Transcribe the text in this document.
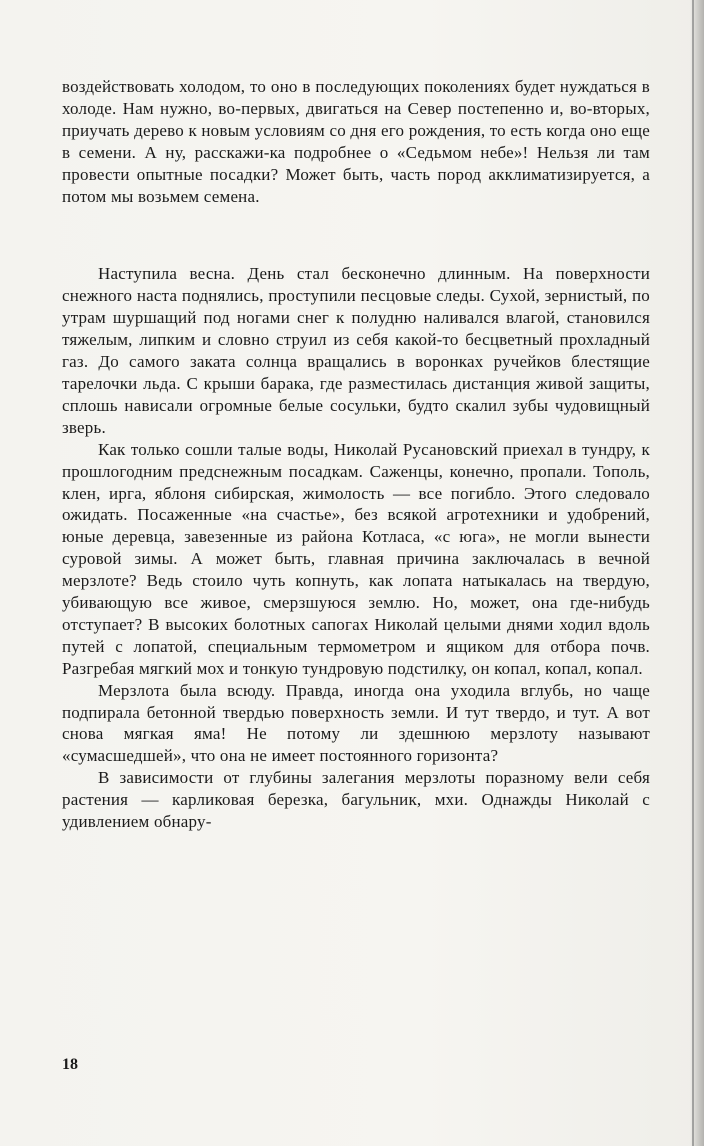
воздействовать холодом, то оно в последующих поколениях будет нуждаться в холоде. Нам нужно, во-первых, двигаться на Север постепенно и, во-вторых, приучать дерево к новым условиям со дня его рождения, то есть когда оно еще в семени. А ну, расскажи-ка подробнее о «Седьмом небе»! Нельзя ли там провести опытные посадки? Может быть, часть пород акклиматизируется, а потом мы возьмем семена.

Наступила весна. День стал бесконечно длинным. На поверхности снежного наста поднялись, проступили песцовые следы. Сухой, зернистый, по утрам шуршащий под ногами снег к полудню наливался влагой, становился тяжелым, липким и словно струил из себя какой-то бесцветный прохладный газ. До самого заката солнца вращались в воронках ручейков блестящие тарелочки льда. С крыши барака, где разместилась дистанция живой защиты, сплошь нависали огромные белые сосульки, будто скалил зубы чудовищный зверь.

Как только сошли талые воды, Николай Русановский приехал в тундру, к прошлогодним предснежным посадкам. Саженцы, конечно, пропали. Тополь, клен, ирга, яблоня сибирская, жимолость — все погибло. Этого следовало ожидать. Посаженные «на счастье», без всякой агротехники и удобрений, юные деревца, завезенные из района Котласа, «с юга», не могли вынести суровой зимы. А может быть, главная причина заключалась в вечной мерзлоте? Ведь стоило чуть копнуть, как лопата натыкалась на твердую, убивающую все живое, смерзшуюся землю. Но, может, она где-нибудь отступает? В высоких болотных сапогах Николай целыми днями ходил вдоль путей с лопатой, специальным термометром и ящиком для отбора почв. Разгребая мягкий мох и тонкую тундровую подстилку, он копал, копал, копал.

Мерзлота была всюду. Правда, иногда она уходила вглубь, но чаще подпирала бетонной твердью поверхность земли. И тут твердо, и тут. А вот снова мягкая яма! Не потому ли здешнюю мерзлоту называют «сумасшедшей», что она не имеет постоянного горизонта?

В зависимости от глубины залегания мерзлоты поразному вели себя растения — карликовая березка, багульник, мхи. Однажды Николай с удивлением обнару-

18
